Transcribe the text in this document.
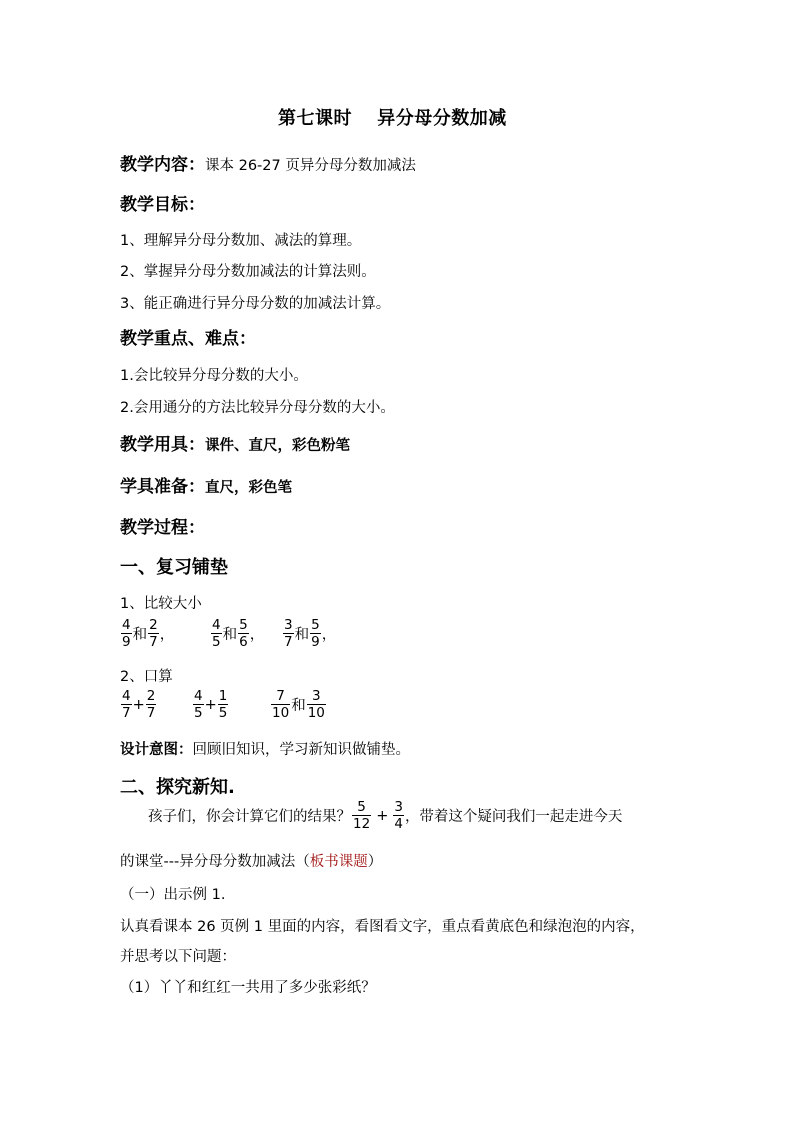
第七课时　 异分母分数加减
教学内容：课本 26-27 页异分母分数加减法
教学目标：
1、理解异分母分数加、减法的算理。
2、掌握异分母分数加减法的计算法则。
3、能正确进行异分母分数的加减法计算。
教学重点、难点：
1.会比较异分母分数的大小。
2.会用通分的方法比较异分母分数的大小。
教学用具：课件、直尺，彩色粉笔
学具准备：直尺，彩色笔
教学过程：
一、复习铺垫
1、比较大小
$\frac{4}{9}$ 和 $\frac{2}{7}$ ，	$\frac{4}{5}$ 和 $\frac{5}{6}$ ， $\frac{3}{7}$ 和 $\frac{5}{9}$ ，
2、口算
$\frac{4}{7} + \frac{2}{7}$	$\frac{4}{5} + \frac{1}{5}$	$\frac{7}{10}$ 和 $\frac{3}{10}$
设计意图：回顾旧知识，学习新知识做铺垫。
二、探究新知.
孩子们，你会计算它们的结果？ $\frac{5}{12} + \frac{3}{4}$ ，带着这个疑问我们一起走进今天
的课堂---异分母分数加减法（板书课题）
（一）出示例 1.
认真看课本 26 页例 1 里面的内容，看图看文字，重点看黄底色和绿泡泡的内容，
并思考以下问题：
（1）丫丫和红红一共用了多少张彩纸？
